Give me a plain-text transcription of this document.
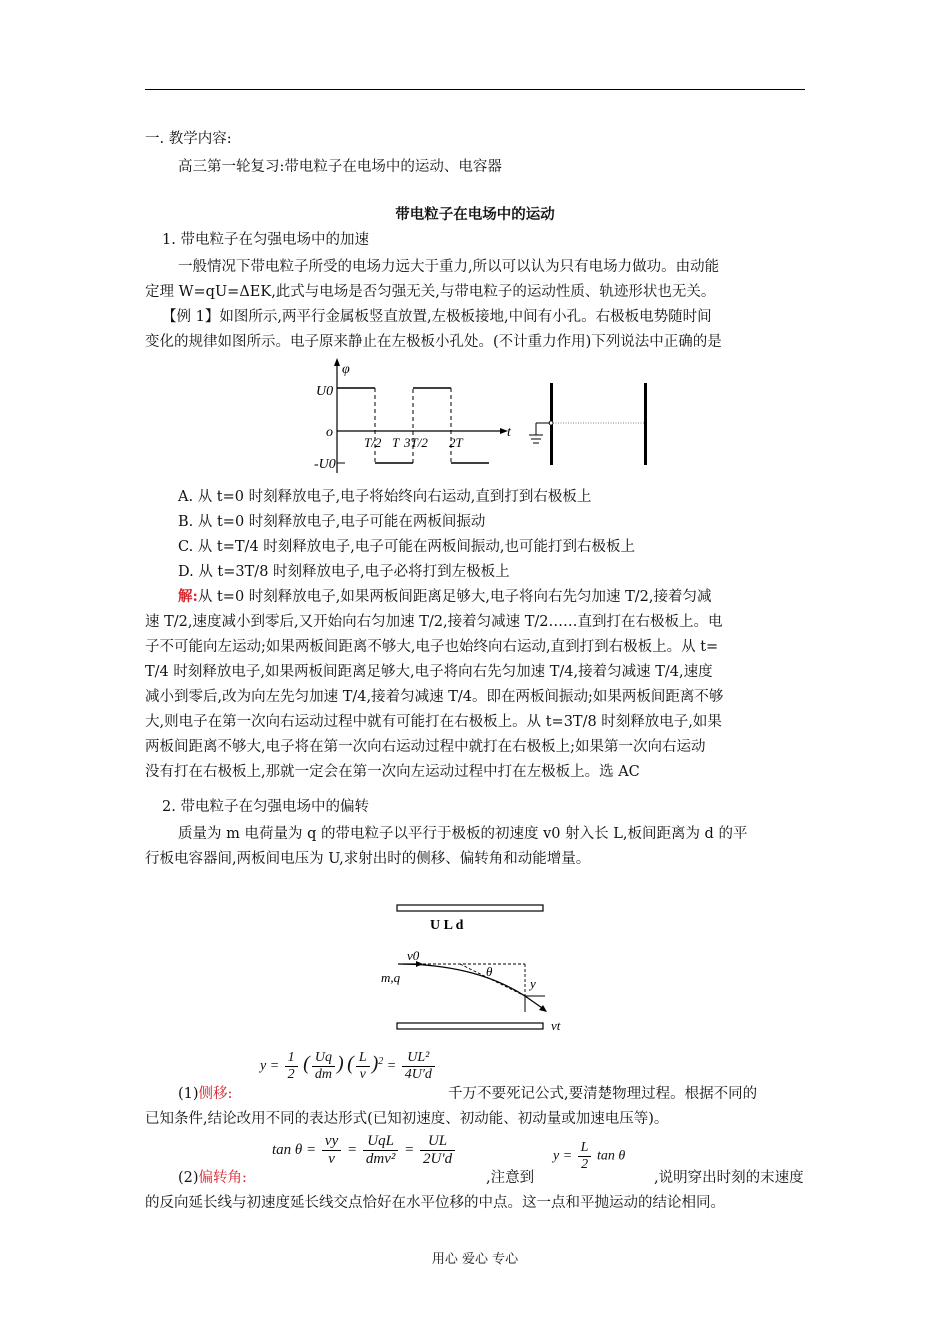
一. 教学内容:
高三第一轮复习:带电粒子在电场中的运动、电容器
带电粒子在电场中的运动
1. 带电粒子在匀强电场中的加速
一般情况下带电粒子所受的电场力远大于重力,所以可以认为只有电场力做功。由动能
定理 W=qU=ΔEK,此式与电场是否匀强无关,与带电粒子的运动性质、轨迹形状也无关。
【例 1】如图所示,两平行金属板竖直放置,左极板接地,中间有小孔。右极板电势随时间
变化的规律如图所示。电子原来静止在左极板小孔处。(不计重力作用)下列说法中正确的是
φ
U0
o	t
-U0
T/2 T 3T/2 2T
A. 从 t=0 时刻释放电子,电子将始终向右运动,直到打到右极板上
B. 从 t=0 时刻释放电子,电子可能在两板间振动
C. 从 t=T/4 时刻释放电子,电子可能在两板间振动,也可能打到右极板上
D. 从 t=3T/8 时刻释放电子,电子必将打到左极板上
解:从 t=0 时刻释放电子,如果两板间距离足够大,电子将向右先匀加速 T/2,接着匀减
速 T/2,速度减小到零后,又开始向右匀加速 T/2,接着匀减速 T/2……直到打在右极板上。电
子不可能向左运动;如果两板间距离不够大,电子也始终向右运动,直到打到右极板上。从 t=
T/4 时刻释放电子,如果两板间距离足够大,电子将向右先匀加速 T/4,接着匀减速 T/4,速度
减小到零后,改为向左先匀加速 T/4,接着匀减速 T/4。即在两板间振动;如果两板间距离不够
大,则电子在第一次向右运动过程中就有可能打在右极板上。从 t=3T/8 时刻释放电子,如果
两板间距离不够大,电子将在第一次向右运动过程中就打在右极板上;如果第一次向右运动
没有打在右极板上,那就一定会在第一次向左运动过程中打在左极板上。选 AC
2. 带电粒子在匀强电场中的偏转
质量为 m 电荷量为 q 的带电粒子以平行于极板的初速度 v0 射入长 L,板间距离为 d 的平
行板电容器间,两板间电压为 U,求射出时的侧移、偏转角和动能增量。
U L d
v0
m,q	θ
y
vt
$y = \frac{1}{2}$ ( $\frac{Uq}{dm}$ ) ( $\frac{L}{v} )^2 = \frac{\text{UL²}}{4U'd}$
(1)侧移:	千万不要死记公式,要清楚物理过程。根据不同的
已知条件,结论改用不同的表达形式(已知初速度、初动能、初动量或加速电压等)。
$\tan \theta = \frac{vy}{v} = \frac{\text{UqL}}{\text{dmv²}} = \frac{UL}{2U'd}$	$y = \frac{L}{2}$ tan θ
(2)偏转角:	,注意到	,说明穿出时刻的末速度
的反向延长线与初速度延长线交点恰好在水平位移的中点。这一点和平抛运动的结论相同。
用心 爱心 专心
